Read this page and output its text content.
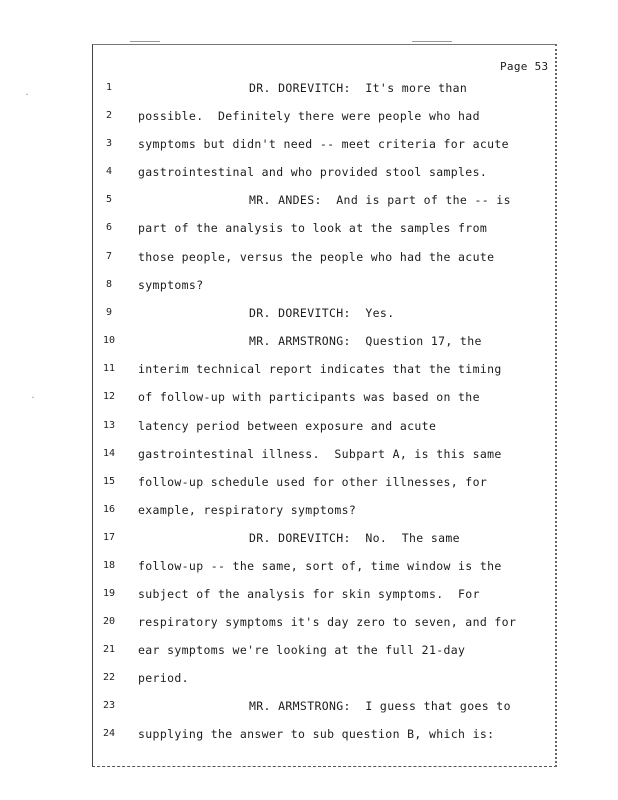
Page 53
˙
˙
1	DR. DOREVITCH:  It's more than
2	possible.  Definitely there were people who had
3	symptoms but didn't need -- meet criteria for acute
4	gastrointestinal and who provided stool samples.
5	MR. ANDES:  And is part of the -- is
6	part of the analysis to look at the samples from
7	those people, versus the people who had the acute
8	symptoms?
9	DR. DOREVITCH:  Yes.
10	MR. ARMSTRONG:  Question 17, the
11	interim technical report indicates that the timing
12	of follow-up with participants was based on the
13	latency period between exposure and acute
14	gastrointestinal illness.  Subpart A, is this same
15	follow-up schedule used for other illnesses, for
16	example, respiratory symptoms?
17	DR. DOREVITCH:  No.  The same
18	follow-up -- the same, sort of, time window is the
19	subject of the analysis for skin symptoms.  For
20	respiratory symptoms it's day zero to seven, and for
21	ear symptoms we're looking at the full 21-day
22	period.
23	MR. ARMSTRONG:  I guess that goes to
24	supplying the answer to sub question B, which is:
